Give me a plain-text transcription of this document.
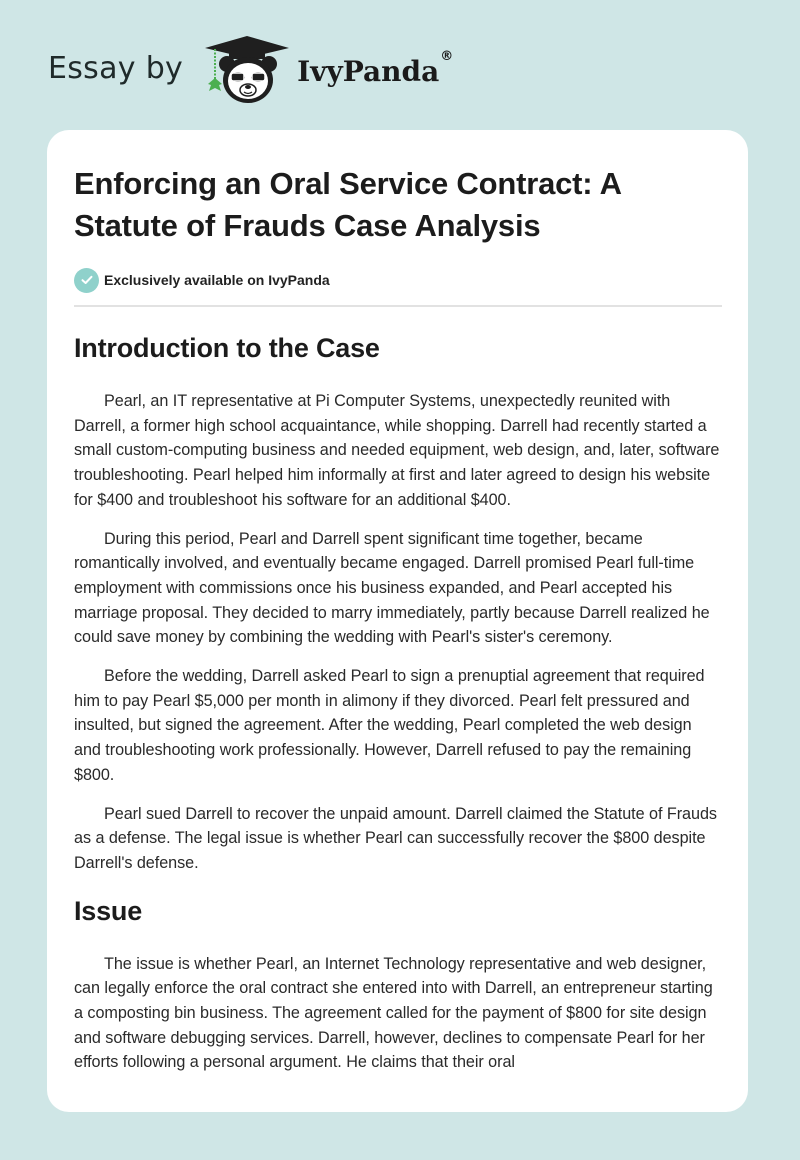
Essay by	IvyPanda®
Enforcing an Oral Service Contract: A Statute of Frauds Case Analysis
Exclusively available on IvyPanda
Introduction to the Case

Pearl, an IT representative at Pi Computer Systems, unexpectedly reunited with Darrell, a former high school acquaintance, while shopping. Darrell had recently started a small custom-computing business and needed equipment, web design, and, later, software troubleshooting. Pearl helped him informally at first and later agreed to design his website for $400 and troubleshoot his software for an additional $400.

During this period, Pearl and Darrell spent significant time together, became romantically involved, and eventually became engaged. Darrell promised Pearl full-time employment with commissions once his business expanded, and Pearl accepted his marriage proposal. They decided to marry immediately, partly because Darrell realized he could save money by combining the wedding with Pearl's sister's ceremony.

Before the wedding, Darrell asked Pearl to sign a prenuptial agreement that required him to pay Pearl $5,000 per month in alimony if they divorced. Pearl felt pressured and insulted, but signed the agreement. After the wedding, Pearl completed the web design and troubleshooting work professionally. However, Darrell refused to pay the remaining $800.

Pearl sued Darrell to recover the unpaid amount. Darrell claimed the Statute of Frauds as a defense. The legal issue is whether Pearl can successfully recover the $800 despite Darrell's defense.

Issue

The issue is whether Pearl, an Internet Technology representative and web designer, can legally enforce the oral contract she entered into with Darrell, an entrepreneur starting a composting bin business. The agreement called for the payment of $800 for site design and software debugging services. Darrell, however, declines to compensate Pearl for her efforts following a personal argument. He claims that their oral
